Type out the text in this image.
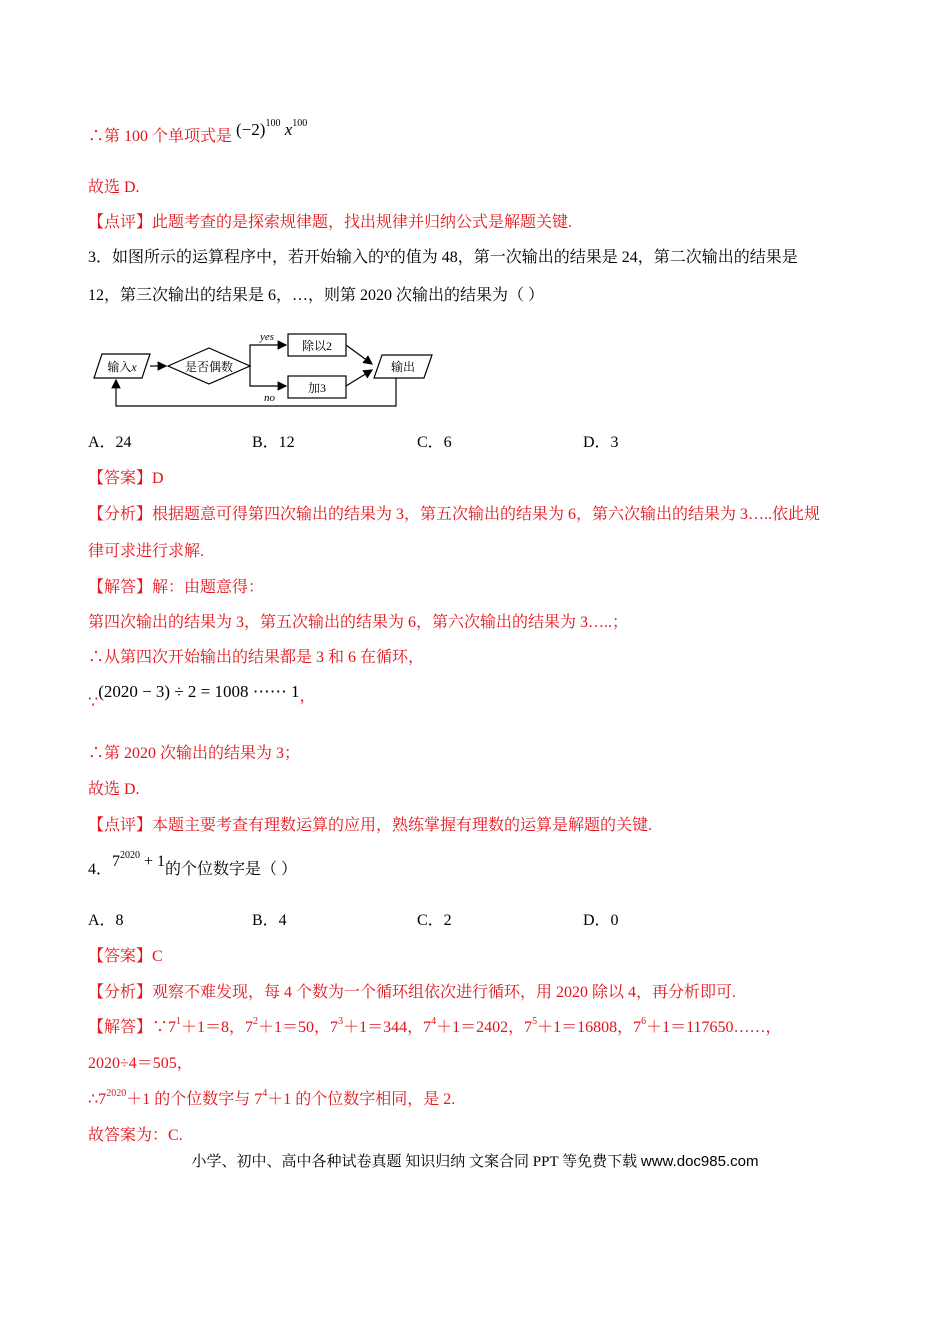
∴第 100 个单项式是 $(-2)^{100}$ $x^{100}$
故选 D.
【点评】此题考查的是探索规律题，找出规律并归纳公式是解题关键.
3．如图所示的运算程序中，若开始输入的$^x$的值为 48，第一次输出的结果是 24，第二次输出的结果是
12，第三次输出的结果是 6，…，则第 2020 次输出的结果为（ ）
输入x	是否偶数
yes
no
除以2
加3
输出
A．24	B．12	C．6	D．3
【答案】D
【分析】根据题意可得第四次输出的结果为 3，第五次输出的结果为 6，第六次输出的结果为 3…..依此规
律可求进行求解.
【解答】解：由题意得：
第四次输出的结果为 3，第五次输出的结果为 6，第六次输出的结果为 3…..；
∴从第四次开始输出的结果都是 3 和 6 在循环，
∵(2020 − 3) ÷ 2 = 1008 ⋯⋯ 1，
∴第 2020 次输出的结果为 3；
故选 D.
【点评】本题主要考查有理数运算的应用，熟练掌握有理数的运算是解题的关键.
4．$7^{2020} + 1$的个位数字是（ ）
A．8	B．4	C．2	D．0
【答案】C
【分析】观察不难发现，每 4 个数为一个循环组依次进行循环，用 2020 除以 4，再分析即可.
【解答】$\because 7^1+1=8$，$7^2+1=50$，$7^3+1=344$，$7^4+1=2402$，$7^5+1=16808$，$7^6+1=117650\dots\dots$，
2020÷4＝505，
$\therefore 7^{2020}+1$ 的个位数字与 $7^4+1$ 的个位数字相同，是 2.
故答案为：C.
小学、初中、高中各种试卷真题 知识归纳 文案合同 PPT 等免费下载 www.doc985.com
